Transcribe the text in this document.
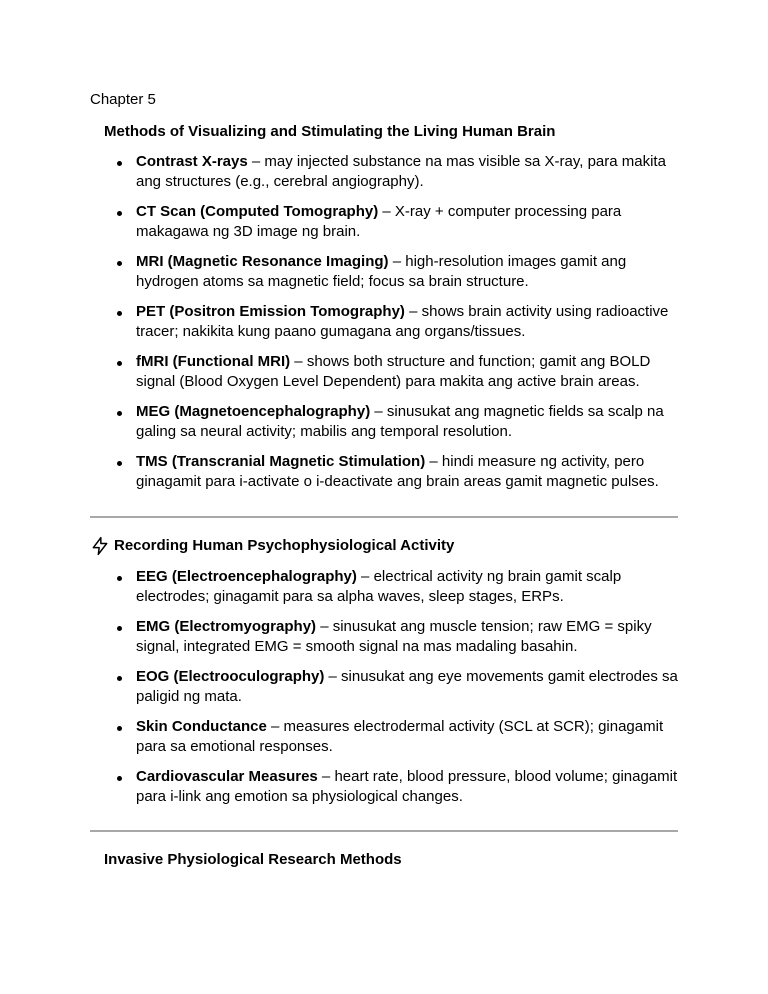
Chapter 5
Methods of Visualizing and Stimulating the Living Human Brain
Contrast X-rays – may injected substance na mas visible sa X-ray, para makita ang structures (e.g., cerebral angiography).
CT Scan (Computed Tomography) – X-ray + computer processing para makagawa ng 3D image ng brain.
MRI (Magnetic Resonance Imaging) – high-resolution images gamit ang hydrogen atoms sa magnetic field; focus sa brain structure.
PET (Positron Emission Tomography) – shows brain activity using radioactive tracer; nakikita kung paano gumagana ang organs/tissues.
fMRI (Functional MRI) – shows both structure and function; gamit ang BOLD signal (Blood Oxygen Level Dependent) para makita ang active brain areas.
MEG (Magnetoencephalography) – sinusukat ang magnetic fields sa scalp na galing sa neural activity; mabilis ang temporal resolution.
TMS (Transcranial Magnetic Stimulation) – hindi measure ng activity, pero ginagamit para i-activate o i-deactivate ang brain areas gamit magnetic pulses.
Recording Human Psychophysiological Activity
EEG (Electroencephalography) – electrical activity ng brain gamit scalp electrodes; ginagamit para sa alpha waves, sleep stages, ERPs.
EMG (Electromyography) – sinusukat ang muscle tension; raw EMG = spiky signal, integrated EMG = smooth signal na mas madaling basahin.
EOG (Electrooculography) – sinusukat ang eye movements gamit electrodes sa paligid ng mata.
Skin Conductance – measures electrodermal activity (SCL at SCR); ginagamit para sa emotional responses.
Cardiovascular Measures – heart rate, blood pressure, blood volume; ginagamit para i-link ang emotion sa physiological changes.
Invasive Physiological Research Methods
